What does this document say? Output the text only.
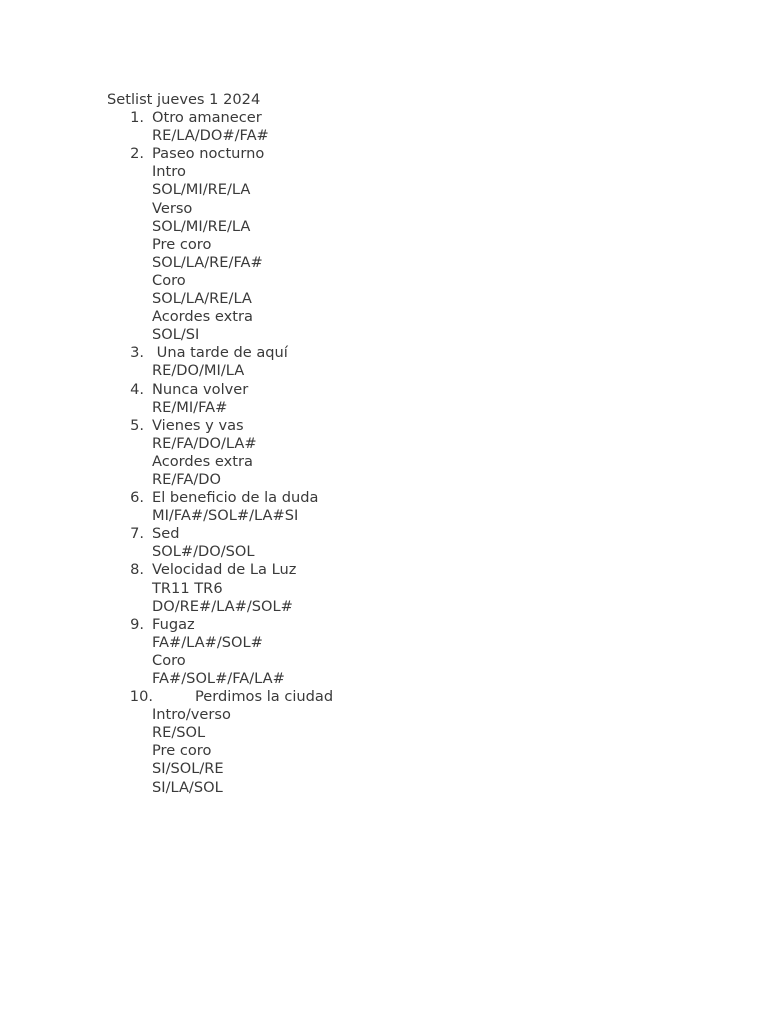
Setlist jueves 1 2024
1. Otro amanecer
RE/LA/DO#/FA#
2. Paseo nocturno
Intro
SOL/MI/RE/LA
Verso
SOL/MI/RE/LA
Pre coro
SOL/LA/RE/FA#
Coro
SOL/LA/RE/LA
Acordes extra
SOL/SI
3. Una tarde de aquí
RE/DO/MI/LA
4. Nunca volver
RE/MI/FA#
5. Vienes y vas
RE/FA/DO/LA#
Acordes extra
RE/FA/DO
6. El beneficio de la duda
MI/FA#/SOL#/LA#SI
7. Sed
SOL#/DO/SOL
8. Velocidad de La Luz
TR11 TR6
DO/RE#/LA#/SOL#
9. Fugaz
FA#/LA#/SOL#
Coro
FA#/SOL#/FA/LA#
10.	Perdimos la ciudad
Intro/verso
RE/SOL
Pre coro
SI/SOL/RE
SI/LA/SOL
